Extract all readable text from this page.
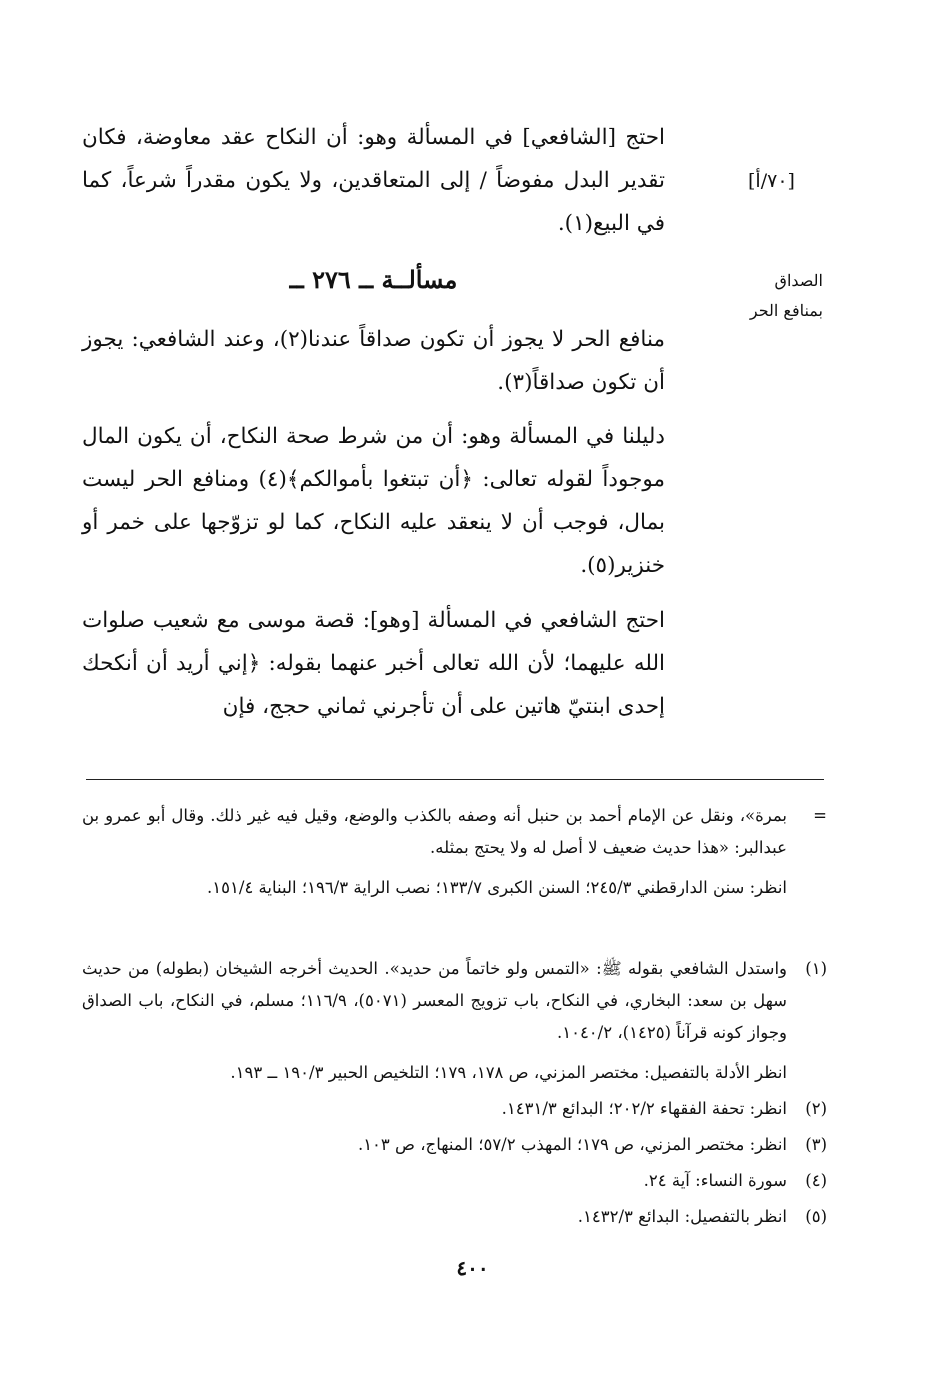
[٧٠/أ]
الصداق بمنافع الحر
احتج [الشافعي] في المسألة وهو: أن النكاح عقد معاوضة، فكان تقدير البدل مفوضاً / إلى المتعاقدين، ولا يكون مقدراً شرعاً، كما في البيع(١).
مسألــة ــ ٢٧٦ ــ
منافع الحر لا يجوز أن تكون صداقاً عندنا(٢)، وعند الشافعي: يجوز أن تكون صداقاً(٣).
دليلنا في المسألة وهو: أن من شرط صحة النكاح، أن يكون المال موجوداً لقوله تعالى: ﴿أن تبتغوا بأموالكم﴾(٤) ومنافع الحر ليست بمال، فوجب أن لا ينعقد عليه النكاح، كما لو تزوّجها على خمر أو خنزير(٥).
احتج الشافعي في المسألة [وهو]: قصة موسى مع شعيب صلوات الله عليهما؛ لأن الله تعالى أخبر عنهما بقوله: ﴿إني أريد أن أنكحك إحدى ابنتيّ هاتين على أن تأجرني ثماني حجج، فإن
=
بمرة»، ونقل عن الإمام أحمد بن حنبل أنه وصفه بالكذب والوضع، وقيل فيه غير ذلك. وقال أبو عمرو بن عبدالبر: «هذا حديث ضعيف لا أصل له ولا يحتج بمثله.
انظر: سنن الدارقطني ٢٤٥/٣؛ السنن الكبرى ١٣٣/٧؛ نصب الراية ١٩٦/٣؛ البناية ١٥١/٤.
(١)
واستدل الشافعي بقوله ﷺ: «التمس ولو خاتماً من حديد». الحديث أخرجه الشيخان (بطوله) من حديث سهل بن سعد: البخاري، في النكاح، باب تزويج المعسر (٥٠٧١)، ١١٦/٩؛ مسلم، في النكاح، باب الصداق وجواز كونه قرآناً (١٤٢٥)، ١٠٤٠/٢.
انظر الأدلة بالتفصيل: مختصر المزني، ص ١٧٨، ١٧٩؛ التلخيص الحبير ١٩٠/٣ ــ ١٩٣.
(٢)
انظر: تحفة الفقهاء ٢٠٢/٢؛ البدائع ١٤٣١/٣.
(٣)
انظر: مختصر المزني، ص ١٧٩؛ المهذب ٥٧/٢؛ المنهاج، ص ١٠٣.
(٤)
سورة النساء: آية ٢٤.
(٥)
انظر بالتفصيل: البدائع ١٤٣٢/٣.
٤٠٠
